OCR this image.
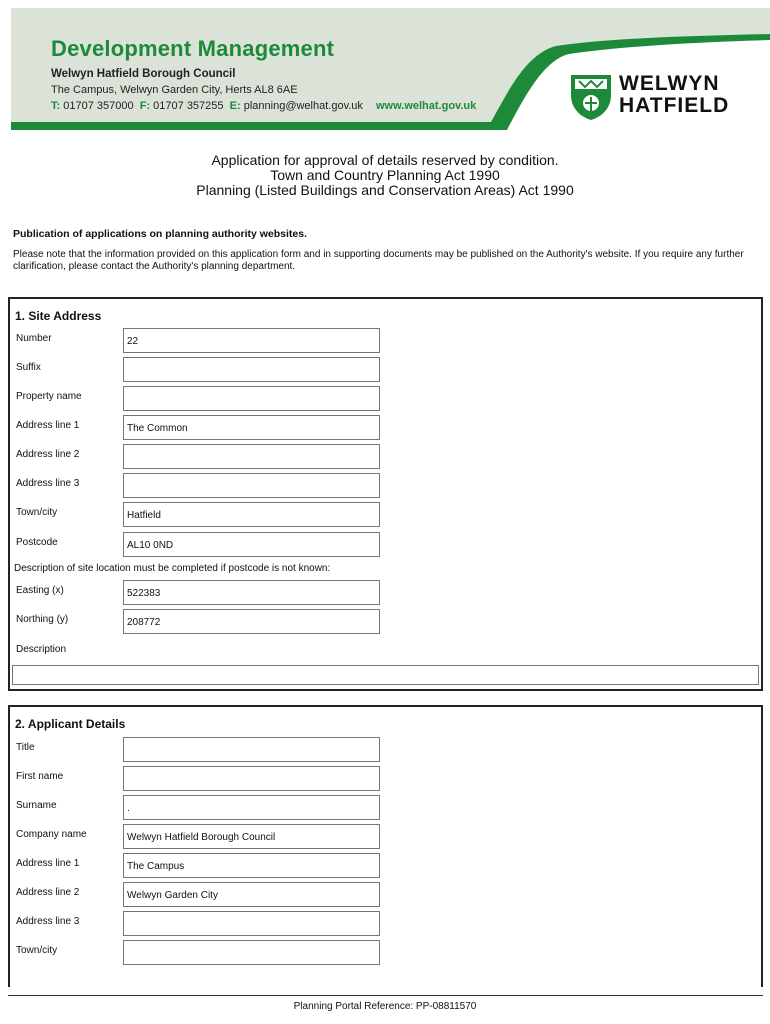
Development Management
Welwyn Hatfield Borough Council
The Campus, Welwyn Garden City, Herts AL8 6AE
T: 01707 357000 F: 01707 357255 E: planning@welhat.gov.uk www.welhat.gov.uk
WELWYN
HATFIELD
Application for approval of details reserved by condition.
Town and Country Planning Act 1990
Planning (Listed Buildings and Conservation Areas) Act 1990
Publication of applications on planning authority websites.
Please note that the information provided on this application form and in supporting documents may be published on the Authority's website. If you require any further clarification, please contact the Authority's planning department.
1. Site Address
Number	22
Suffix
Property name
Address line 1	The Common
Address line 2
Address line 3
Town/city	Hatfield
Postcode	AL10 0ND
Description of site location must be completed if postcode is not known:
Easting (x)	522383
Northing (y)	208772
Description
2. Applicant Details
Title
First name
Surname	.
Company name	Welwyn Hatfield Borough Council
Address line 1	The Campus
Address line 2	Welwyn Garden City
Address line 3
Town/city
Planning Portal Reference: PP-08811570
